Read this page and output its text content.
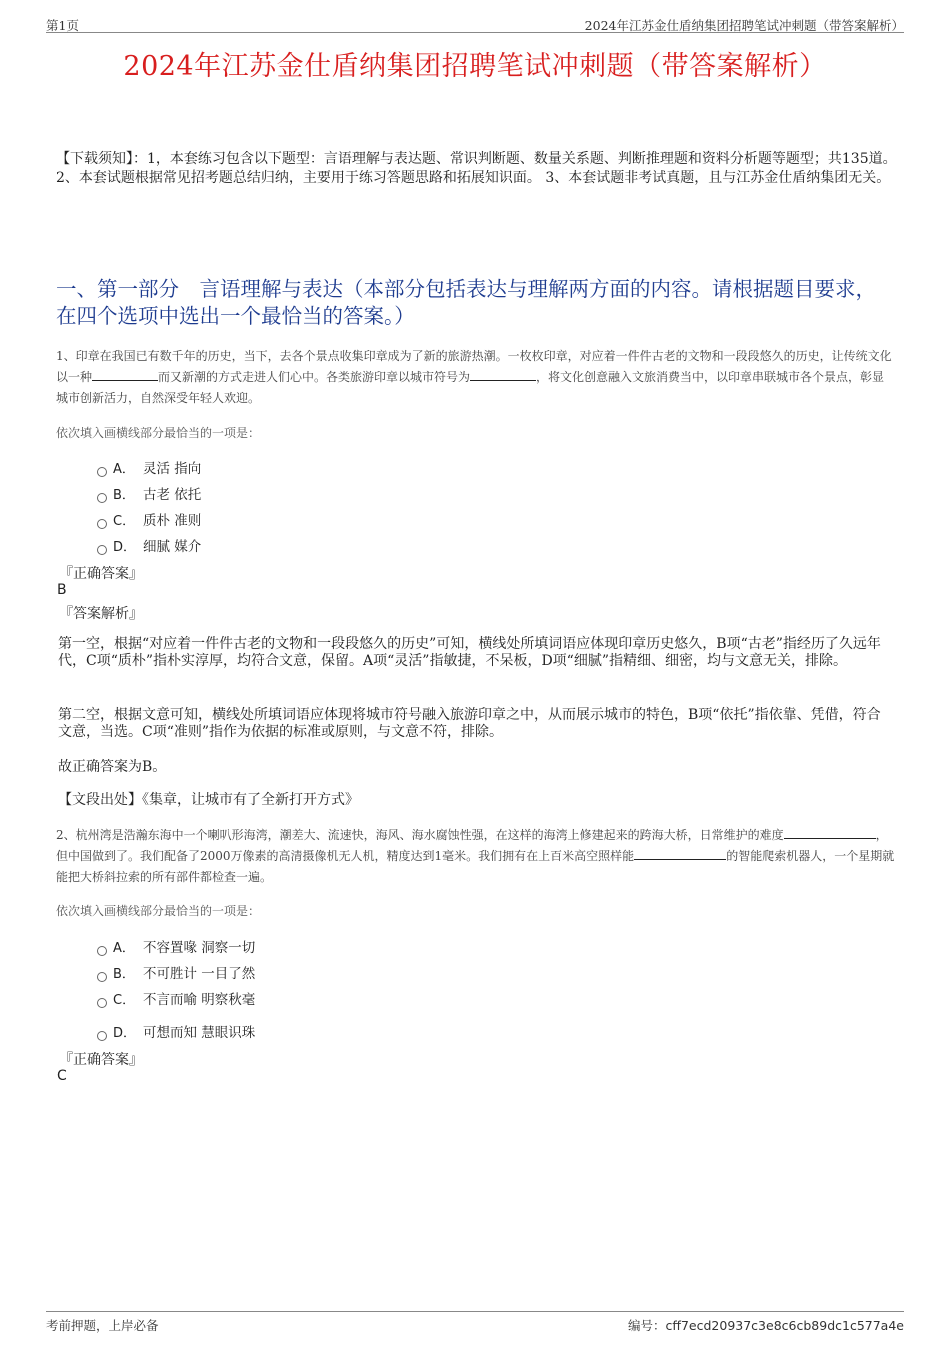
第1页	2024年江苏金仕盾纳集团招聘笔试冲刺题（带答案解析）
2024年江苏金仕盾纳集团招聘笔试冲刺题（带答案解析）
【下载须知】：1，本套练习包含以下题型：言语理解与表达题、常识判断题、数量关系题、判断推理题和资料分析题等题型；共135道。 2、本套试题根据常见招考题总结归纳，主要用于练习答题思路和拓展知识面。 3、本套试题非考试真题，且与江苏金仕盾纳集团无关。
一、第一部分　言语理解与表达（本部分包括表达与理解两方面的内容。请根据题目要求，在四个选项中选出一个最恰当的答案。）
1、印章在我国已有数千年的历史，当下，去各个景点收集印章成为了新的旅游热潮。一枚枚印章，对应着一件件古老的文物和一段段悠久的历史，让传统文化以一种	而又新潮的方式走进人们心中。各类旅游印章以城市符号为	，将文化创意融入文旅消费当中，以印章串联城市各个景点，彰显城市创新活力，自然深受年轻人欢迎。
依次填入画横线部分最恰当的一项是：
A． 灵活 指向
B． 古老 依托
C． 质朴 准则
D． 细腻 媒介
『正确答案』
B
『答案解析』
第一空，根据“对应着一件件古老的文物和一段段悠久的历史”可知，横线处所填词语应体现印章历史悠久，B项“古老”指经历了久远年代，C项“质朴”指朴实淳厚，均符合文意，保留。A项“灵活”指敏捷，不呆板，D项“细腻”指精细、细密，均与文意无关，排除。
第二空，根据文意可知，横线处所填词语应体现将城市符号融入旅游印章之中，从而展示城市的特色，B项“依托”指依靠、凭借，符合文意，当选。C项“准则”指作为依据的标准或原则，与文意不符，排除。
故正确答案为B。
【文段出处】《集章，让城市有了全新打开方式》
2、杭州湾是浩瀚东海中一个喇叭形海湾，潮差大、流速快，海风、海水腐蚀性强，在这样的海湾上修建起来的跨海大桥，日常维护的难度	，但中国做到了。我们配备了2000万像素的高清摄像机无人机，精度达到1毫米。我们拥有在上百米高空照样能	的智能爬索机器人，一个星期就能把大桥斜拉索的所有部件都检查一遍。
依次填入画横线部分最恰当的一项是：
A． 不容置喙 洞察一切
B． 不可胜计 一目了然
C． 不言而喻 明察秋毫
D． 可想而知 慧眼识珠
『正确答案』
C
考前押题，上岸必备	编号：cff7ecd20937c3e8c6cb89dc1c577a4e
